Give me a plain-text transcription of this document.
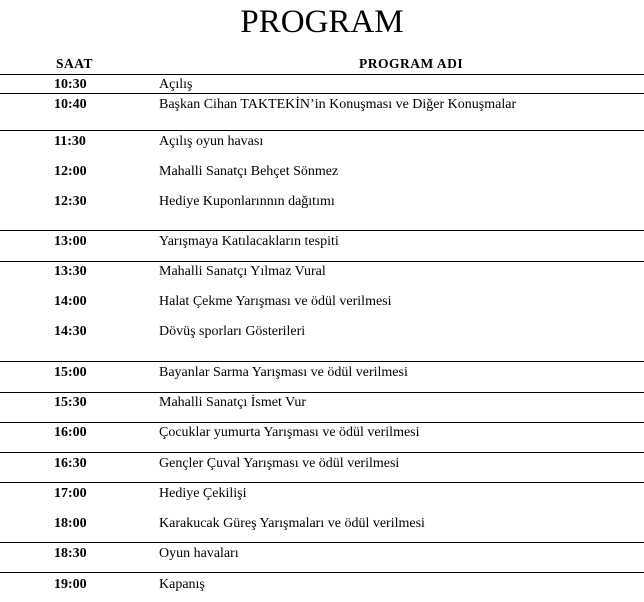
PROGRAM
SAAT	PROGRAM ADI
10:30	Açılış
10:40	Başkan Cihan TAKTEKİN’in Konuşması ve Diğer Konuşmalar
11:30	Açılış oyun havası
12:00	Mahalli Sanatçı Behçet Sönmez
12:30	Hediye Kuponlarınnın dağıtımı
13:00	Yarışmaya Katılacakların tespiti
13:30	Mahalli Sanatçı Yılmaz Vural
14:00	Halat Çekme Yarışması ve ödül verilmesi
14:30	Dövüş sporları Gösterileri
15:00	Bayanlar Sarma Yarışması ve ödül verilmesi
15:30	Mahalli Sanatçı İsmet Vur
16:00	Çocuklar yumurta Yarışması ve ödül verilmesi
16:30	Gençler Çuval Yarışması ve ödül verilmesi
17:00	Hediye Çekilişi
18:00	Karakucak Güreş Yarışmaları ve ödül verilmesi
18:30	Oyun havaları
19:00	Kapanış
